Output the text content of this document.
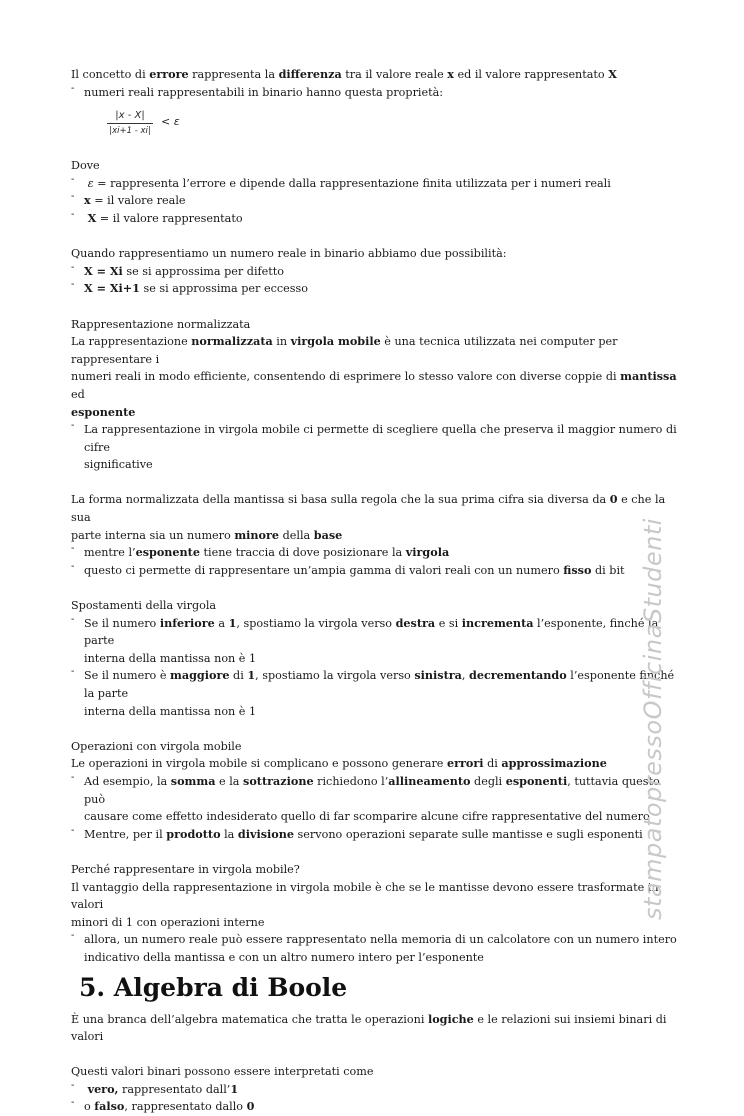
Il concetto di errore rappresenta la differenza tra il valore reale x ed il valore rappresentato X

- numeri reali rappresentabili in binario hanno questa proprietà:
$\frac{|x - X|}{|xi+1 - xi|} < \varepsilon$

Dove

- ε = rappresenta l’errore e dipende dalla rappresentazione finita utilizzata per i numeri reali
- x = il valore reale
- X = il valore rappresentato

Quando rappresentiamo un numero reale in binario abbiamo due possibilità:

- X = Xi se si approssima per difetto
- X = Xi+1 se si approssima per eccesso

Rappresentazione normalizzata

La rappresentazione normalizzata in virgola mobile è una tecnica utilizzata nei computer per rappresentare i

numeri reali in modo efficiente, consentendo di esprimere lo stesso valore con diverse coppie di mantissa ed

esponente

- La rappresentazione in virgola mobile ci permette di scegliere quella che preserva il maggior numero di cifre
significative

La forma normalizzata della mantissa si basa sulla regola che la sua prima cifra sia diversa da 0 e che la sua

parte interna sia un numero minore della base

- mentre l’esponente tiene traccia di dove posizionare la virgola
- questo ci permette di rappresentare un’ampia gamma di valori reali con un numero fisso di bit

Spostamenti della virgola

- Se il numero inferiore a 1, spostiamo la virgola verso destra e si incrementa l’esponente, finché la parte
interna della mantissa non è 1
- Se il numero è maggiore di 1, spostiamo la virgola verso sinistra, decrementando l’esponente finché la parte
interna della mantissa non è 1

Operazioni con virgola mobile

Le operazioni in virgola mobile si complicano e possono generare errori di approssimazione

- Ad esempio, la somma e la sottrazione richiedono l’allineamento degli esponenti, tuttavia questo può
causare come effetto indesiderato quello di far scomparire alcune cifre rappresentative del numero
- Mentre, per il prodotto la divisione servono operazioni separate sulle mantisse e sugli esponenti

Perché rappresentare in virgola mobile?

Il vantaggio della rappresentazione in virgola mobile è che se le mantisse devono essere trasformate in valori

minori di 1 con operazioni interne

- allora, un numero reale può essere rappresentato nella memoria di un calcolatore con un numero intero
indicativo della mantissa e con un altro numero intero per l’esponente
5. Algebra di Boole

È una branca dell’algebra matematica che tratta le operazioni logiche e le relazioni sui insiemi binari di valori

Questi valori binari possono essere interpretati come

- vero, rappresentato dall’1
- o falso, rappresentato dallo 0
stampatopressoOfficinaStudenti
